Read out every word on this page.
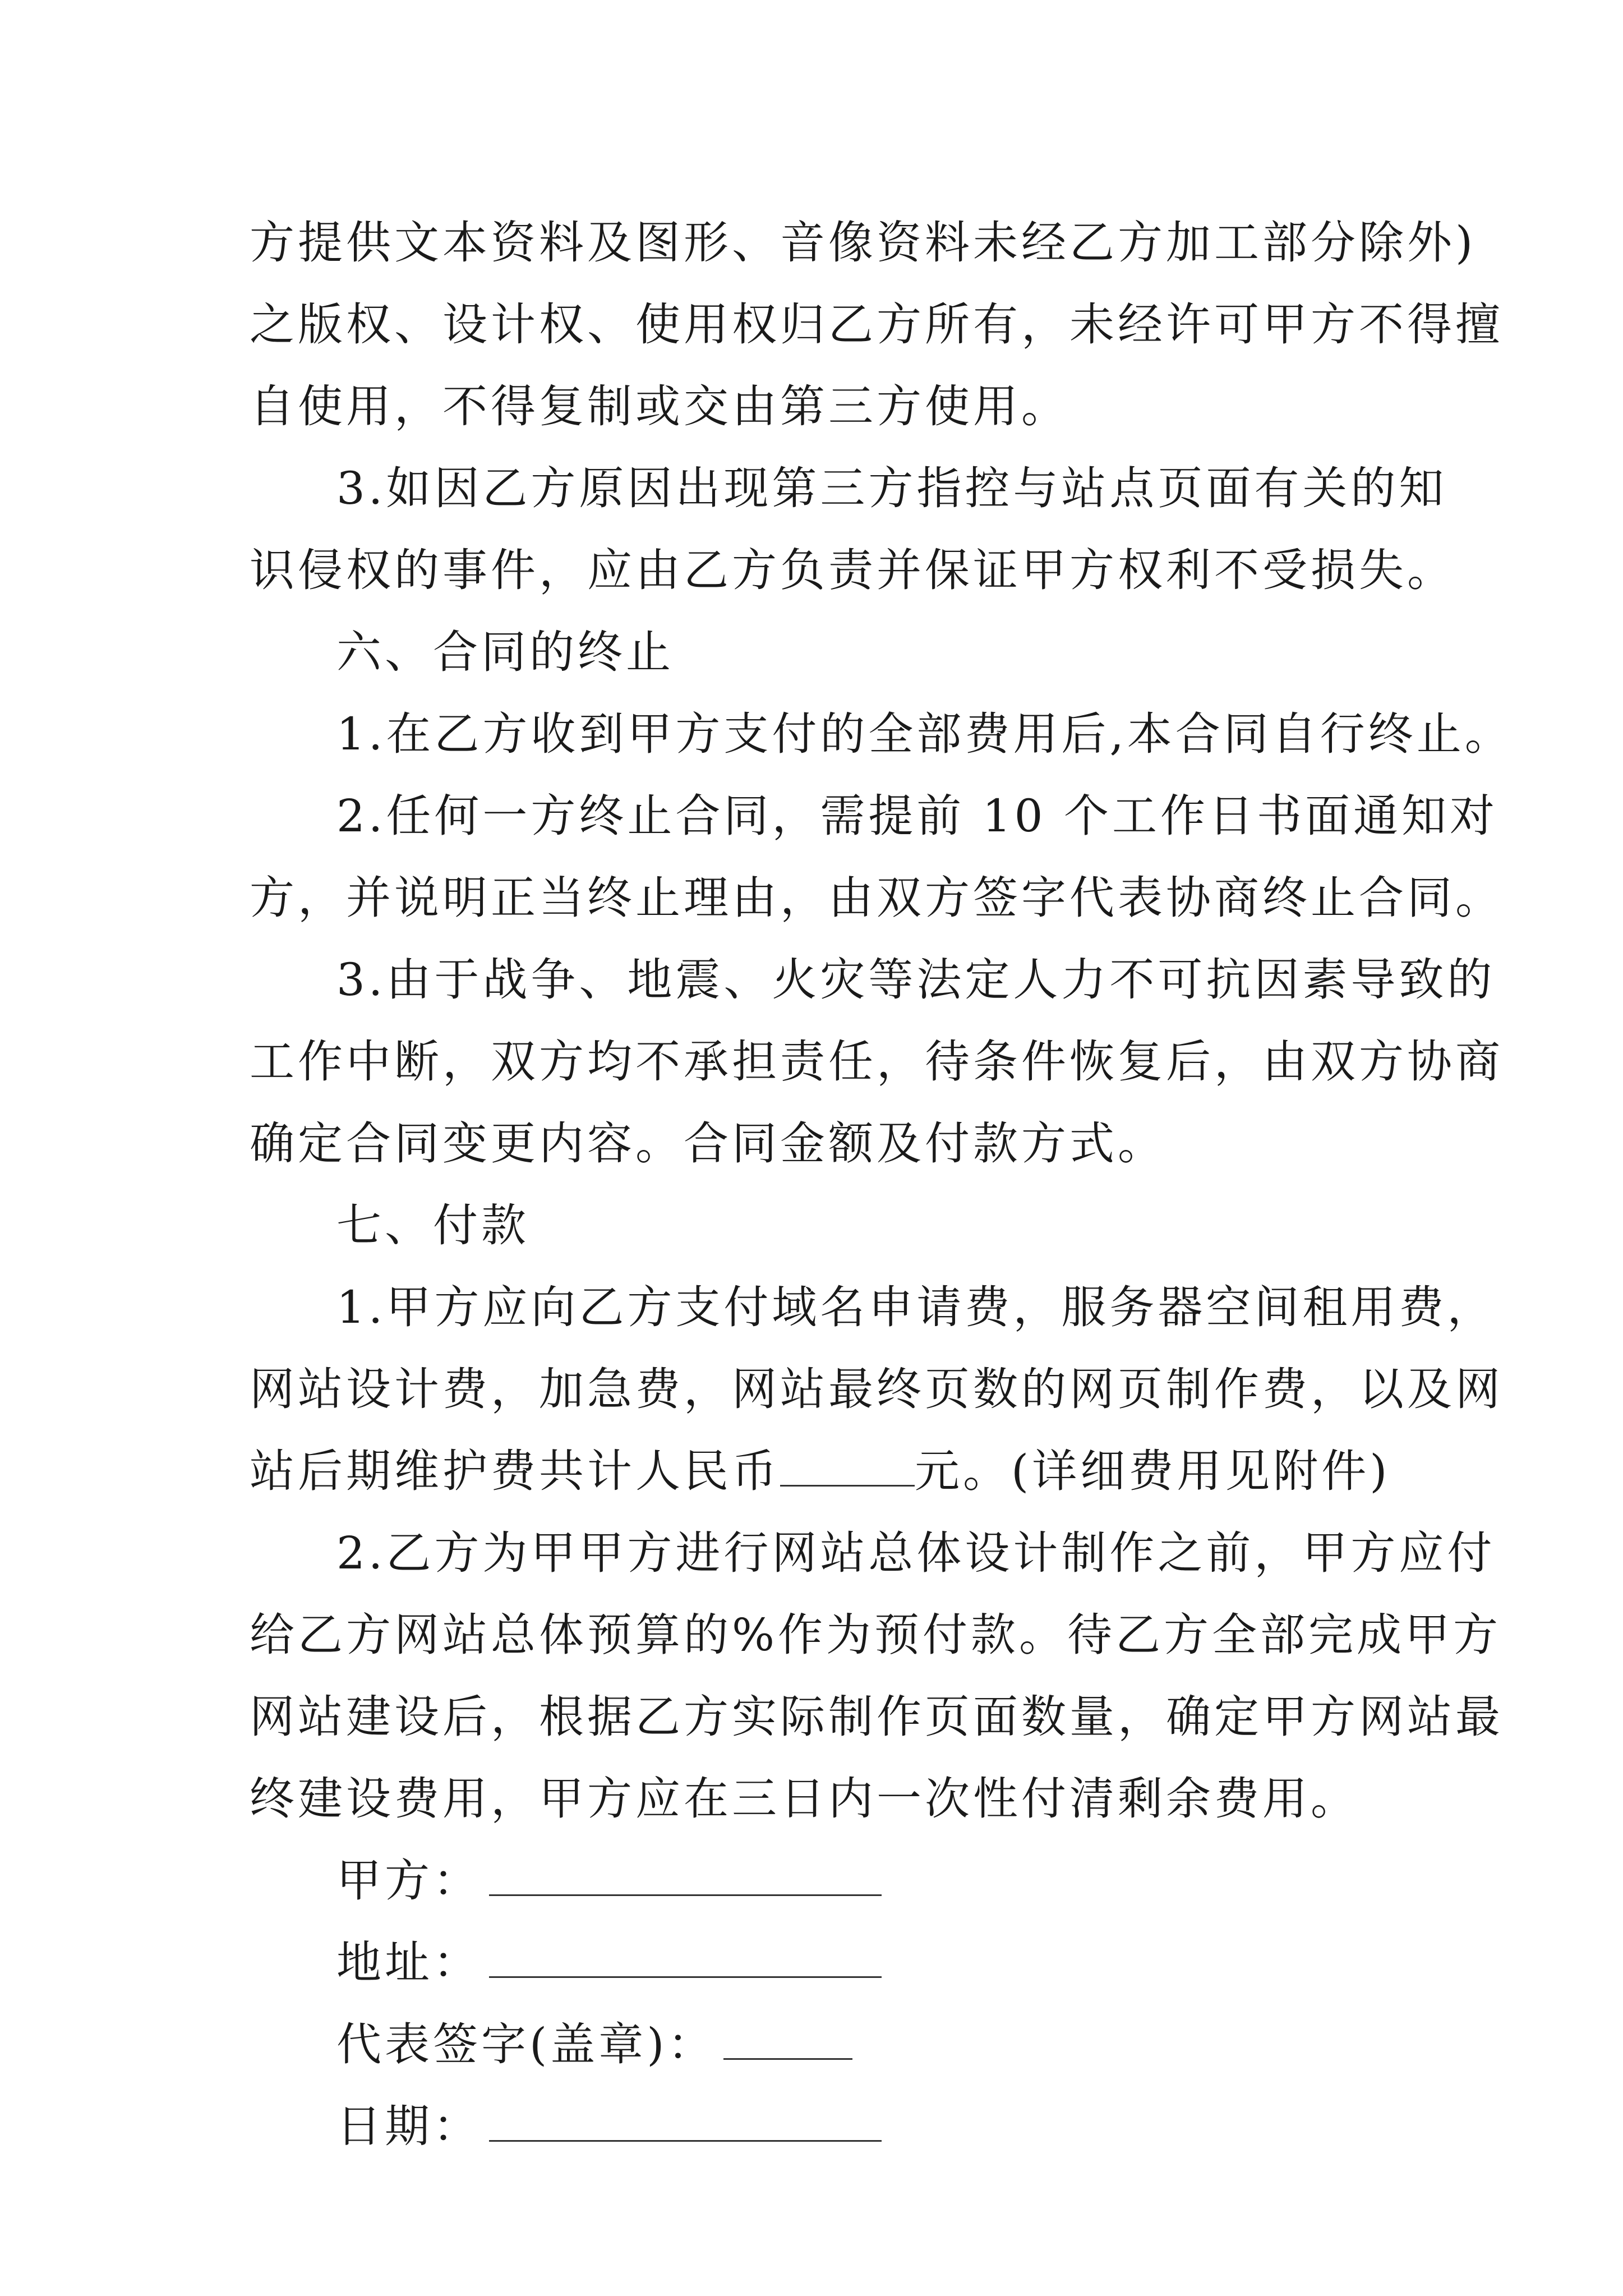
方提供文本资料及图形、音像资料未经乙方加工部分除外)
之版权、设计权、使用权归乙方所有，未经许可甲方不得擅
自使用，不得复制或交由第三方使用。
3.如因乙方原因出现第三方指控与站点页面有关的知
识侵权的事件，应由乙方负责并保证甲方权利不受损失。
六、合同的终止
1.在乙方收到甲方支付的全部费用后,本合同自行终止。
2.任何一方终止合同，需提前 10 个工作日书面通知对
方，并说明正当终止理由，由双方签字代表协商终止合同。
3.由于战争、地震、火灾等法定人力不可抗因素导致的
工作中断，双方均不承担责任，待条件恢复后，由双方协商
确定合同变更内容。合同金额及付款方式。
七、付款
1.甲方应向乙方支付域名申请费，服务器空间租用费，
网站设计费，加急费，网站最终页数的网页制作费，以及网
站后期维护费共计人民币	元。(详细费用见附件)
2.乙方为甲甲方进行网站总体设计制作之前，甲方应付
给乙方网站总体预算的%作为预付款。待乙方全部完成甲方
网站建设后，根据乙方实际制作页面数量，确定甲方网站最
终建设费用，甲方应在三日内一次性付清剩余费用。
甲方：
地址：
代表签字(盖章)：
日期：
